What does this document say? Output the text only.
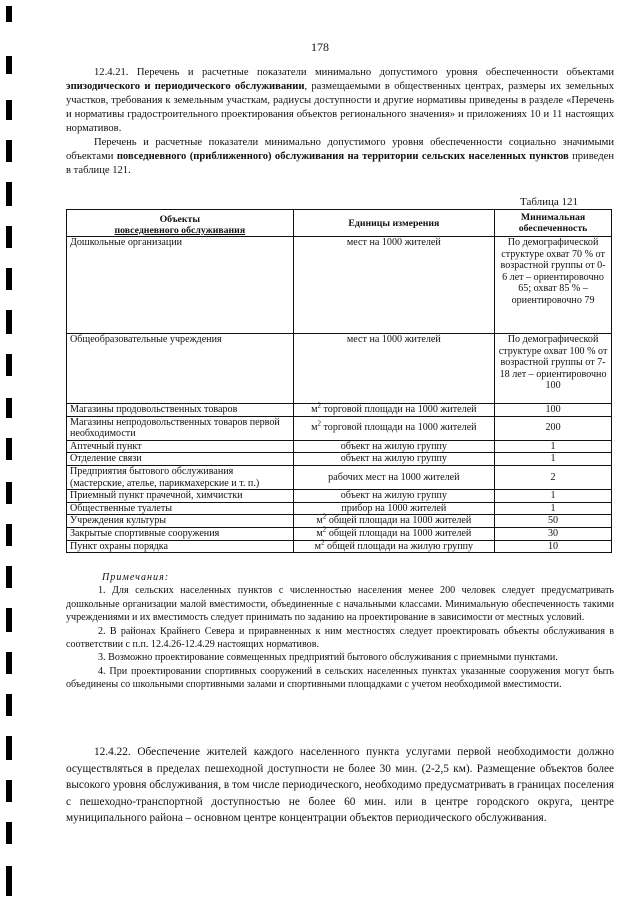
178

12.4.21. Перечень и расчетные показатели минимально допустимого уровня обеспеченности объектами эпизодического и периодического обслуживании, размещаемыми в общественных центрах, размеры их земельных участков, требования к земельным участкам, радиусы доступности и другие нормативы приведены в разделе «Перечень и нормативы градостроительного проектирования объектов регионального значения» и приложениях 10 и 11 настоящих нормативов.

Перечень и расчетные показатели минимально допустимого уровня обеспеченности социально значимыми объектами повседневного (приближенного) обслуживания на территории сельских населенных пунктов приведен в таблице 121.

Таблица 121
Объекты
повседневного обслуживания	Единицы измерения	Минимальная
обеспеченность
Дошкольные организации	мест на 1000 жителей	По демографической структуре охват 70 % от возрастной группы от 0-6 лет – ориентировочно 65; охват 85 % – ориентировочно 79
Общеобразовательные учреждения	мест на 1000 жителей	По демографической структуре охват 100 % от возрастной группы от 7-18 лет – ориентировочно 100
Магазины продовольственных товаров	$м^2$ торговой площади на 1000 жителей	100
Магазины непродовольственных товаров первой необходимости	$м^2$ торговой площади на 1000 жителей	200
Аптечный пункт	объект на жилую группу	1
Отделение связи	объект на жилую группу	1
Предприятия бытового обслуживания (мастерские, ателье, парикмахерские и т. п.)	рабочих мест на 1000 жителей	2
Приемный пункт прачечной, химчистки	объект на жилую группу	1
Общественные туалеты	прибор на 1000 жителей	1
Учреждения культуры	$м^2$ общей площади на 1000 жителей	50
Закрытые спортивные сооружения	$м^2$ общей площади на 1000 жителей	30
Пункт охраны порядка	$м^2$ общей площади на жилую группу	10
Примечания:

1. Для сельских населенных пунктов с численностью населения менее 200 человек следует предусматривать дошкольные организации малой вместимости, объединенные с начальными классами. Минимальную обеспеченность такими учреждениями и их вместимость следует принимать по заданию на проектирование в зависимости от местных условий.

2. В районах Крайнего Севера и приравненных к ним местностях следует проектировать объекты обслуживания в соответствии с п.п. 12.4.26-12.4.29 настоящих нормативов.

3. Возможно проектирование совмещенных предприятий бытового обслуживания с приемными пунктами.

4. При проектировании спортивных сооружений в сельских населенных пунктах указанные сооружения могут быть объединены со школьными спортивными залами и спортивными площадками с учетом необходимой вместимости.

12.4.22. Обеспечение жителей каждого населенного пункта услугами первой необходимости должно осуществляться в пределах пешеходной доступности не более 30 мин. (2-2,5 км). Размещение объектов более высокого уровня обслуживания, в том числе периодического, необходимо предусматривать в границах поселения с пешеходно-транспортной доступностью не более 60 мин. или в центре городского округа, центре муниципального района – основном центре концентрации объектов периодического обслуживания.
